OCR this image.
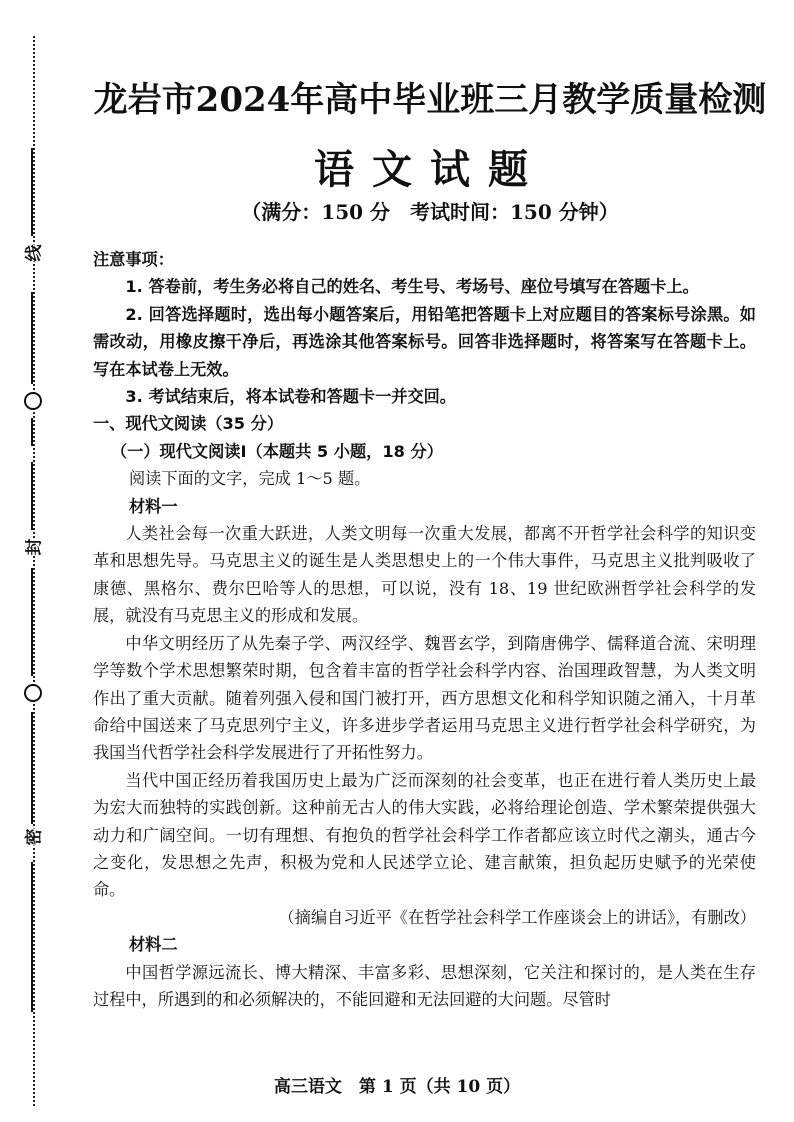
线
封
密
龙岩市2024年高中毕业班三月教学质量检测
语文试题
（满分：150 分　考试时间：150 分钟）

注意事项：

1. 答卷前，考生务必将自己的姓名、考生号、考场号、座位号填写在答题卡上。

2. 回答选择题时，选出每小题答案后，用铅笔把答题卡上对应题目的答案标号涂黑。如需改动，用橡皮擦干净后，再选涂其他答案标号。回答非选择题时，将答案写在答题卡上。写在本试卷上无效。

3. 考试结束后，将本试卷和答题卡一并交回。

一、现代文阅读（35 分）

（一）现代文阅读Ⅰ（本题共 5 小题，18 分）

阅读下面的文字，完成 1～5 题。

材料一

人类社会每一次重大跃进，人类文明每一次重大发展，都离不开哲学社会科学的知识变革和思想先导。马克思主义的诞生是人类思想史上的一个伟大事件，马克思主义批判吸收了康德、黑格尔、费尔巴哈等人的思想，可以说，没有 18、19 世纪欧洲哲学社会科学的发展，就没有马克思主义的形成和发展。

中华文明经历了从先秦子学、两汉经学、魏晋玄学，到隋唐佛学、儒释道合流、宋明理学等数个学术思想繁荣时期，包含着丰富的哲学社会科学内容、治国理政智慧，为人类文明作出了重大贡献。随着列强入侵和国门被打开，西方思想文化和科学知识随之涌入，十月革命给中国送来了马克思列宁主义，许多进步学者运用马克思主义进行哲学社会科学研究，为我国当代哲学社会科学发展进行了开拓性努力。

当代中国正经历着我国历史上最为广泛而深刻的社会变革，也正在进行着人类历史上最为宏大而独特的实践创新。这种前无古人的伟大实践，必将给理论创造、学术繁荣提供强大动力和广阔空间。一切有理想、有抱负的哲学社会科学工作者都应该立时代之潮头，通古今之变化，发思想之先声，积极为党和人民述学立论、建言献策，担负起历史赋予的光荣使命。

（摘编自习近平《在哲学社会科学工作座谈会上的讲话》，有删改）

材料二

中国哲学源远流长、博大精深、丰富多彩、思想深刻，它关注和探讨的，是人类在生存过程中，所遇到的和必须解决的，不能回避和无法回避的大问题。尽管时

高三语文　第 1 页（共 10 页）
